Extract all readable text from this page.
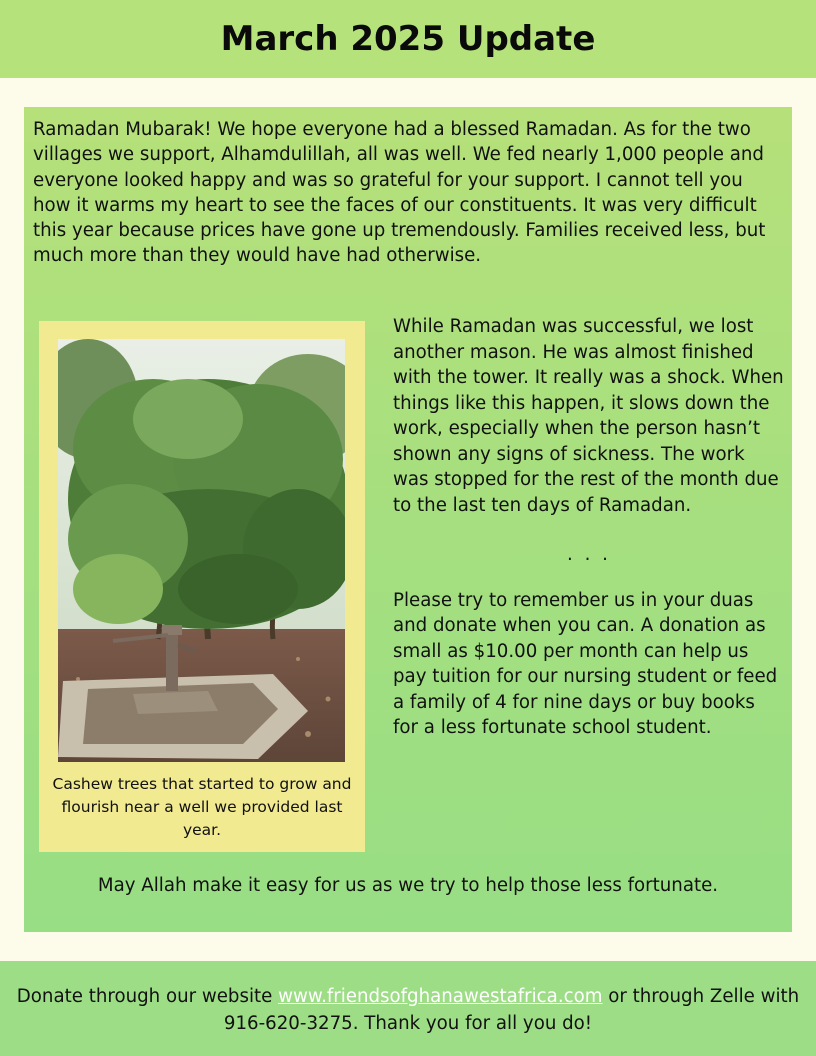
March 2025 Update

Ramadan Mubarak! We hope everyone had a blessed Ramadan. As for the two villages we support, Alhamdulillah, all was well. We fed nearly 1,000 people and everyone looked happy and was so grateful for your support. I cannot tell you how it warms my heart to see the faces of our constituents. It was very difficult this year because prices have gone up tremendously. Families received less, but much more than they would have had otherwise.

Cashew trees that started to grow and flourish near a well we provided last year.

While Ramadan was successful, we lost another mason. He was almost finished with the tower. It really was a shock. When things like this happen, it slows down the work, especially when the person hasn’t shown any signs of sickness. The work was stopped for the rest of the month due to the last ten days of Ramadan.

. . .

Please try to remember us in your duas and donate when you can. A donation as small as $10.00 per month can help us pay tuition for our nursing student or feed a family of 4 for nine days or buy books for a less fortunate school student.

May Allah make it easy for us as we try to help those less fortunate.

Donate through our website www.friendsofghanawestafrica.com or through Zelle with 916-620-3275. Thank you for all you do!
